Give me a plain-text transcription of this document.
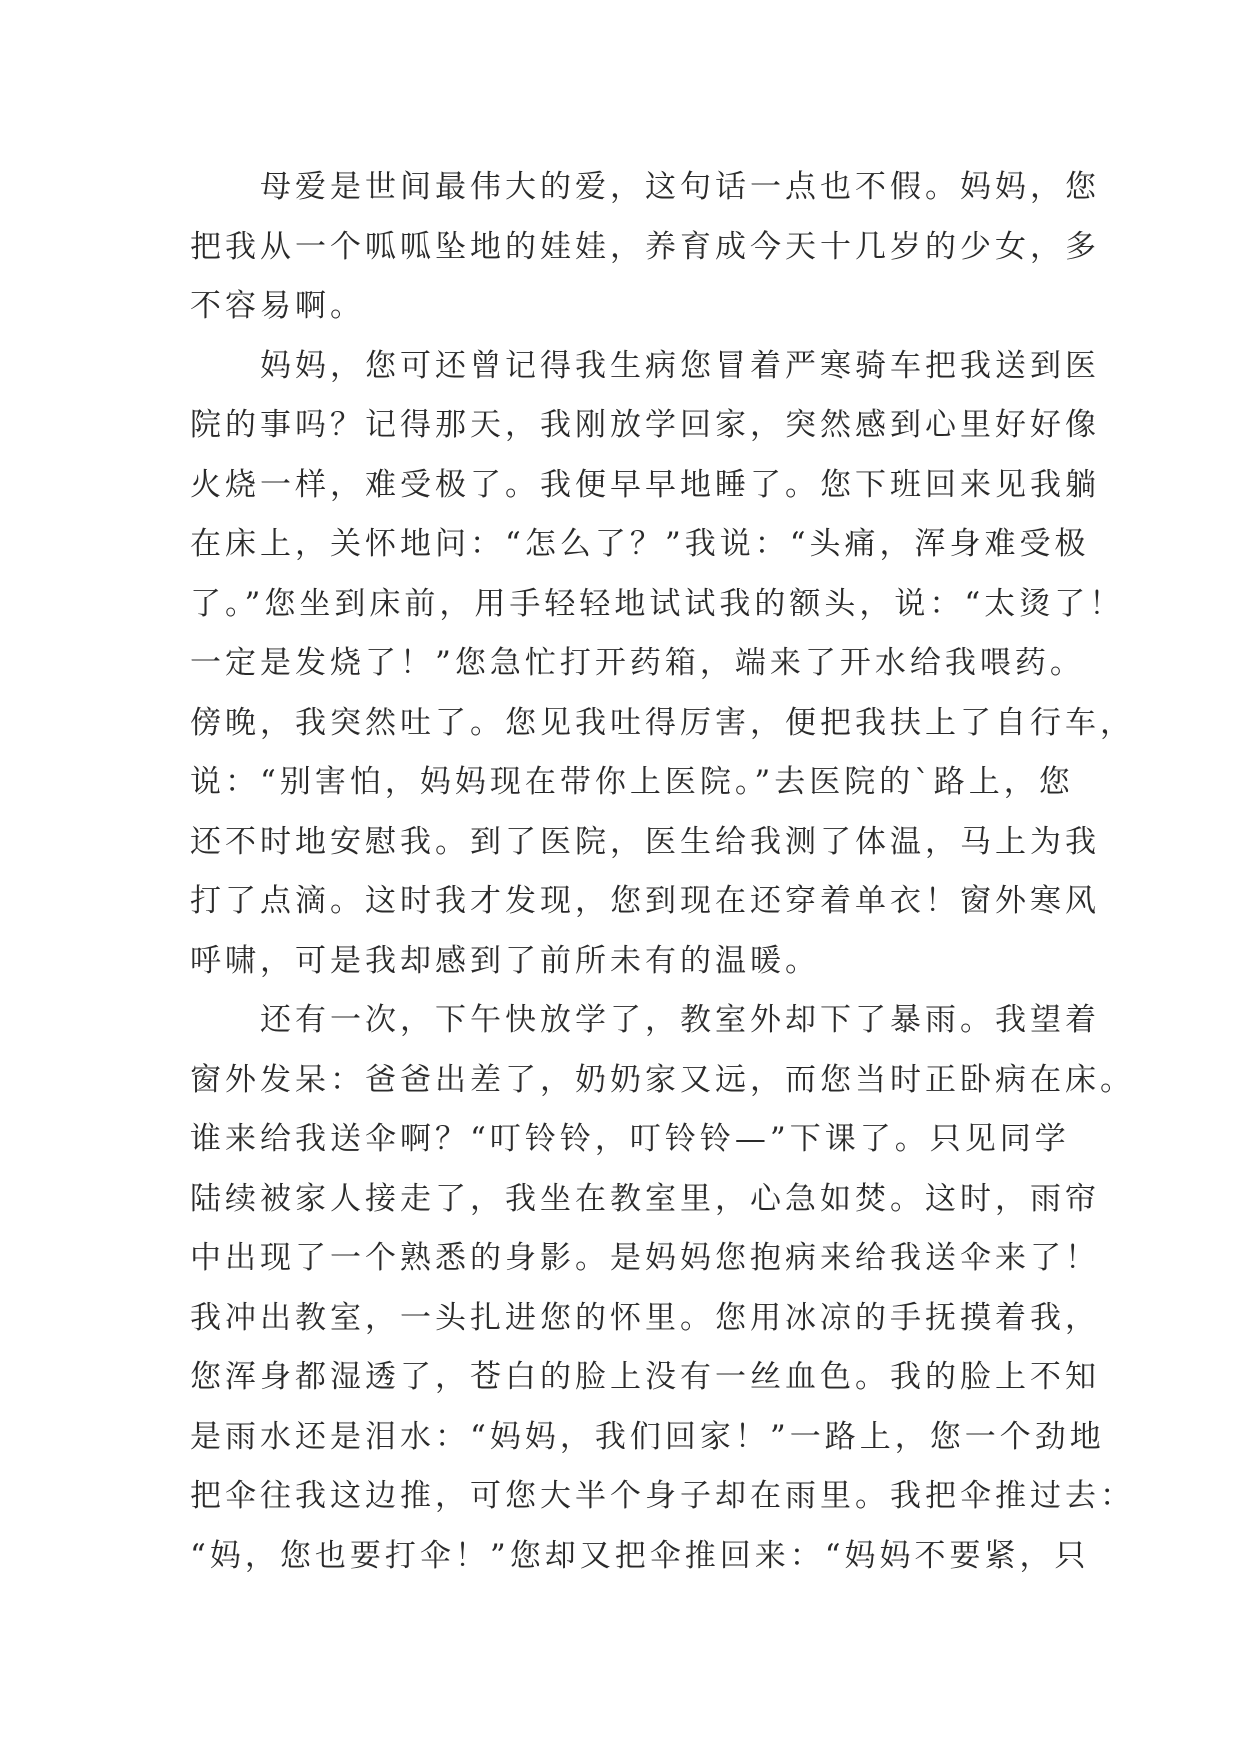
　　母爱是世间最伟大的爱，这句话一点也不假。妈妈，您
把我从一个呱呱坠地的娃娃，养育成今天十几岁的少女，多
不容易啊。
　　妈妈，您可还曾记得我生病您冒着严寒骑车把我送到医
院的事吗？记得那天，我刚放学回家，突然感到心里好好像
火烧一样，难受极了。我便早早地睡了。您下班回来见我躺
在床上，关怀地问：“怎么了？”我说：“头痛，浑身难受极
了。”您坐到床前，用手轻轻地试试我的额头，说：“太烫了！
一定是发烧了！”您急忙打开药箱，端来了开水给我喂药。
傍晚，我突然吐了。您见我吐得厉害，便把我扶上了自行车，
说：“别害怕，妈妈现在带你上医院。”去医院的`路上，您
还不时地安慰我。到了医院，医生给我测了体温，马上为我
打了点滴。这时我才发现，您到现在还穿着单衣！窗外寒风
呼啸，可是我却感到了前所未有的温暖。
　　还有一次，下午快放学了，教室外却下了暴雨。我望着
窗外发呆：爸爸出差了，奶奶家又远，而您当时正卧病在床。
谁来给我送伞啊？“叮铃铃，叮铃铃—”下课了。只见同学
陆续被家人接走了，我坐在教室里，心急如焚。这时，雨帘
中出现了一个熟悉的身影。是妈妈您抱病来给我送伞来了！
我冲出教室，一头扎进您的怀里。您用冰凉的手抚摸着我，
您浑身都湿透了，苍白的脸上没有一丝血色。我的脸上不知
是雨水还是泪水：“妈妈，我们回家！”一路上，您一个劲地
把伞往我这边推，可您大半个身子却在雨里。我把伞推过去：
“妈，您也要打伞！”您却又把伞推回来：“妈妈不要紧，只
